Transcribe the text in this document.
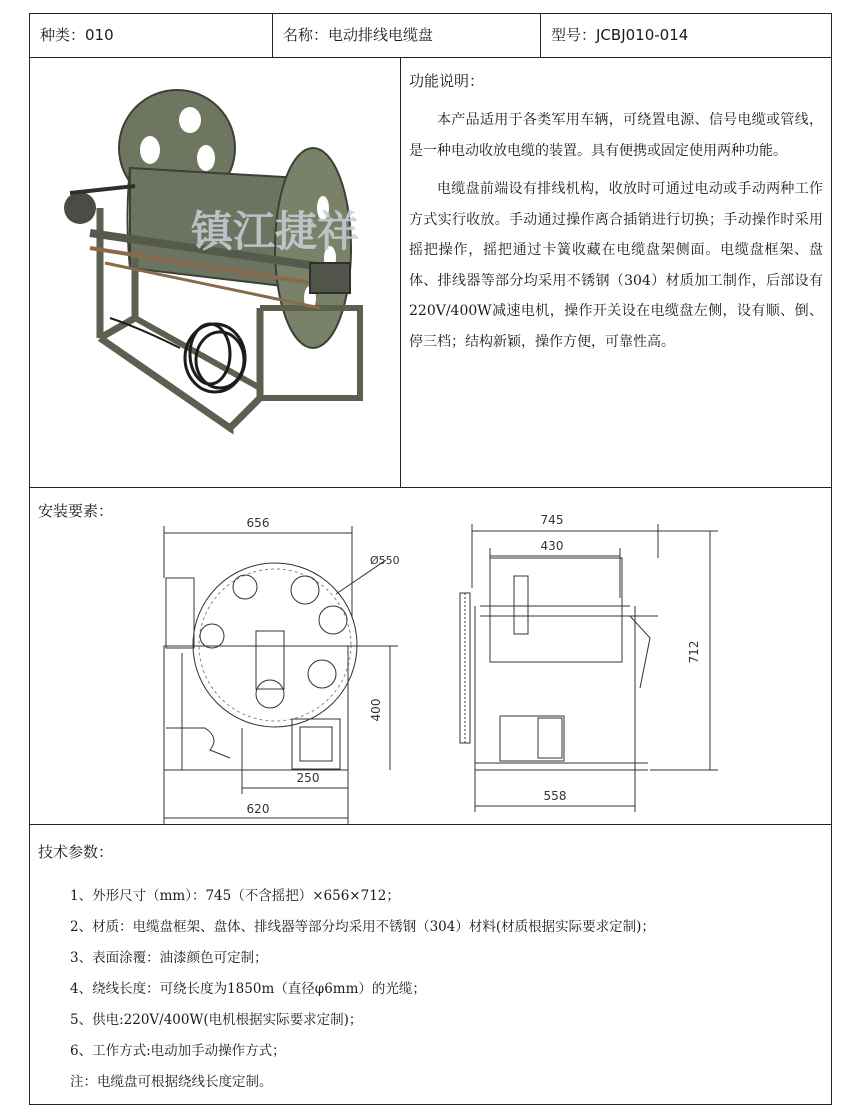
种类：010	名称：电动排线电缆盘	型号：JCBJ010-014
镇江捷祥
功能说明：

本产品适用于各类军用车辆，可绕置电源、信号电缆或管线，是一种电动收放电缆的装置。具有便携或固定使用两种功能。

电缆盘前端设有排线机构，收放时可通过电动或手动两种工作方式实行收放。手动通过操作离合插销进行切换；手动操作时采用摇把操作，摇把通过卡簧收藏在电缆盘架侧面。电缆盘框架、盘体、排线器等部分均采用不锈钢（304）材质加工制作，后部设有220V/400W减速电机，操作开关设在电缆盘左侧，设有顺、倒、停三档；结构新颖，操作方便，可靠性高。

安装要素：
656
Ø550
400
250
620
745
430
712
558
技术参数：
1、外形尺寸（mm）：745（不含摇把）×656×712；
2、材质：电缆盘框架、盘体、排线器等部分均采用不锈钢（304）材料(材质根据实际要求定制)；
3、表面涂覆：油漆颜色可定制；
4、绕线长度：可绕长度为1850m（直径φ6mm）的光缆；
5、供电:220V/400W(电机根据实际要求定制)；
6、工作方式:电动加手动操作方式；
注：电缆盘可根据绕线长度定制。
